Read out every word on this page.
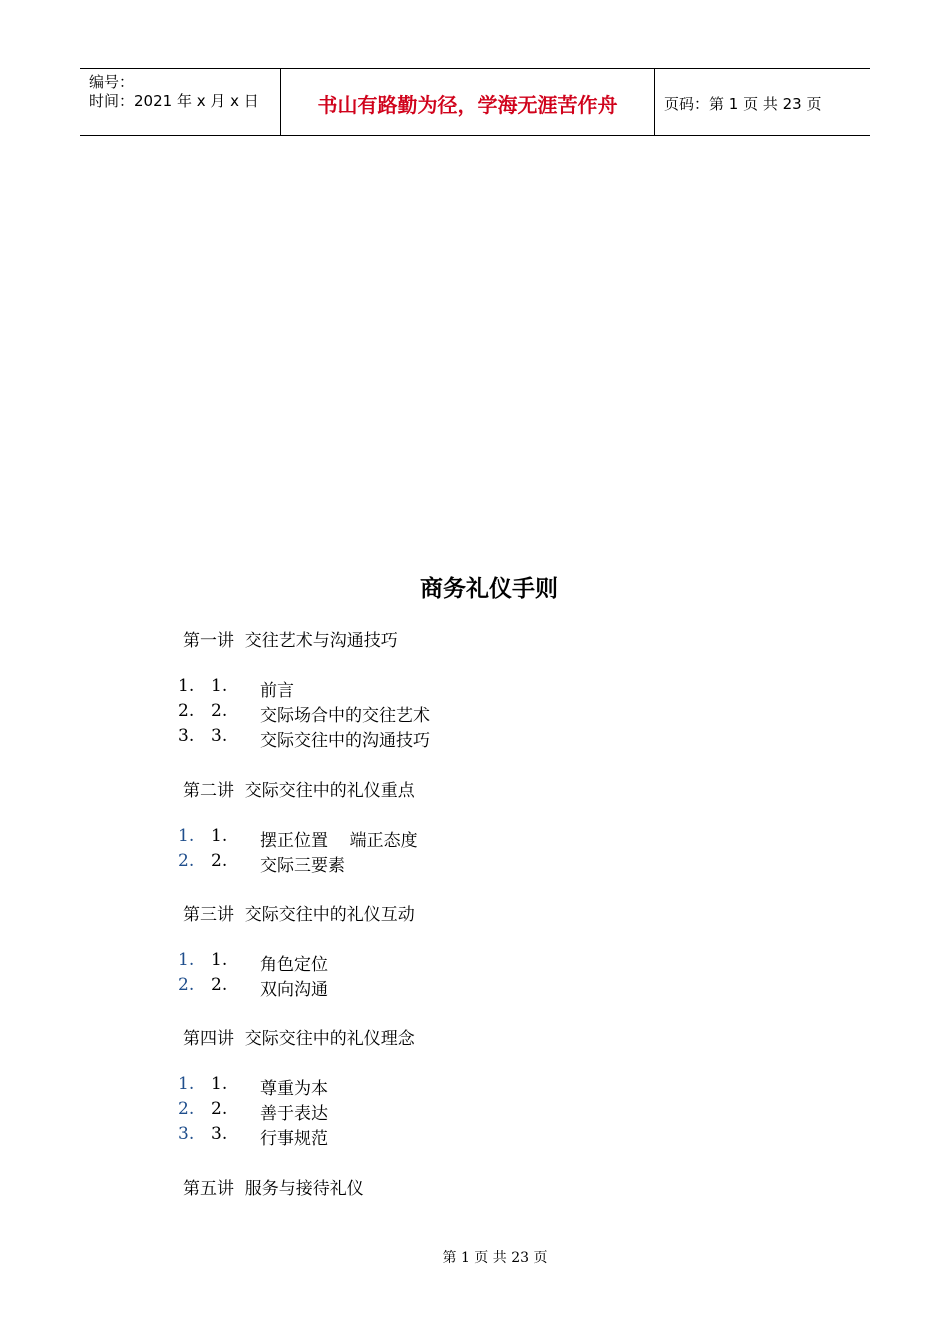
编号：
时间：2021 年 x 月 x 日	书山有路勤为径，学海无涯苦作舟	页码：第 1 页 共 23 页
商务礼仪手则
第一讲  交往艺术与沟通技巧
1. 1.	前言
2. 2.	交际场合中的交往艺术
3. 3.	交际交往中的沟通技巧
第二讲  交际交往中的礼仪重点
1. 1.	摆正位置    端正态度
2. 2.	交际三要素
第三讲  交际交往中的礼仪互动
1. 1.	角色定位
2. 2.	双向沟通
第四讲  交际交往中的礼仪理念
1. 1.	尊重为本
2. 2.	善于表达
3. 3.	行事规范
第五讲  服务与接待礼仪
第 1 页 共 23 页
